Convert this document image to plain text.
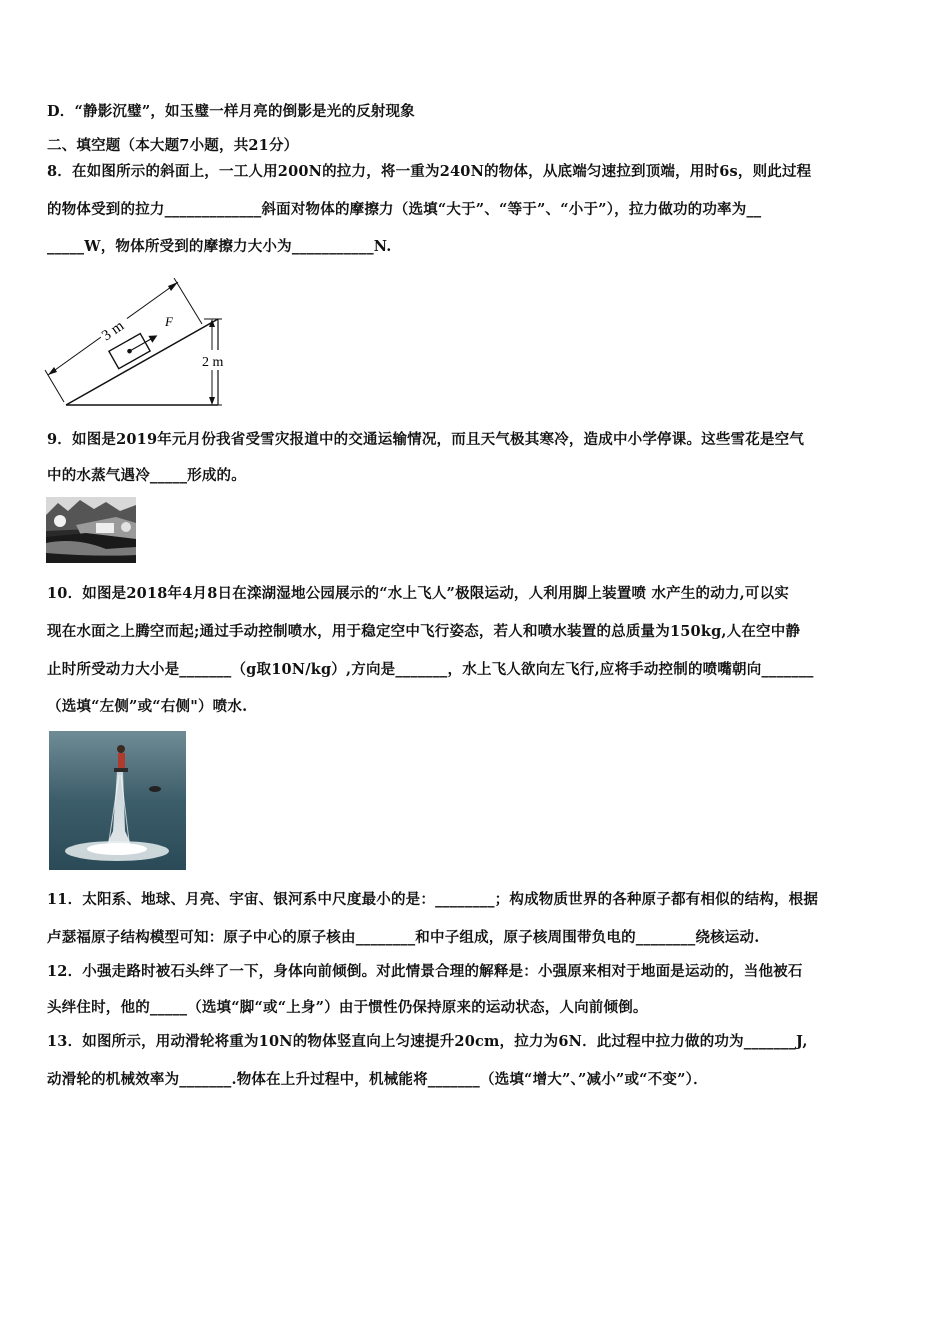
D．“静影沉璧”，如玉璧一样月亮的倒影是光的反射现象
二、填空题（本大题7小题，共21分）
8．在如图所示的斜面上，一工人用200N的拉力，将一重为240N的物体，从底端匀速拉到顶端，用时6s，则此过程
的物体受到的拉力_____________斜面对物体的摩擦力（选填“大于”、“等于”、“小于”），拉力做功的功率为__
_____W，物体所受到的摩擦力大小为___________N.
2 m
3 m	F
9．如图是2019年元月份我省受雪灾报道中的交通运输情况，而且天气极其寒冷，造成中小学停课。这些雪花是空气
中的水蒸气遇冷_____形成的。
10．如图是2018年4月8日在滦湖湿地公园展示的“水上飞人”极限运动，人利用脚上装置喷 水产生的动力,可以实
现在水面之上腾空而起;通过手动控制喷水，用于稳定空中飞行姿态，若人和喷水装置的总质量为150kg,人在空中静
止时所受动力大小是_______（g取10N/kg）,方向是_______，水上飞人欲向左飞行,应将手动控制的喷嘴朝向_______
（选填“左侧”或“右侧"）喷水.
11．太阳系、地球、月亮、宇宙、银河系中尺度最小的是：________；构成物质世界的各种原子都有相似的结构，根据
卢瑟福原子结构模型可知：原子中心的原子核由________和中子组成，原子核周围带负电的________绕核运动.
12．小强走路时被石头绊了一下，身体向前倾倒。对此情景合理的解释是：小强原来相对于地面是运动的，当他被石
头绊住时，他的_____（选填“脚“或“上身”）由于惯性仍保持原来的运动状态，人向前倾倒。
13．如图所示，用动滑轮将重为10N的物体竖直向上匀速提升20cm，拉力为6N．此过程中拉力做的功为_______J,
动滑轮的机械效率为_______.物体在上升过程中，机械能将_______（选填“增大”、”减小”或“不变”）．
